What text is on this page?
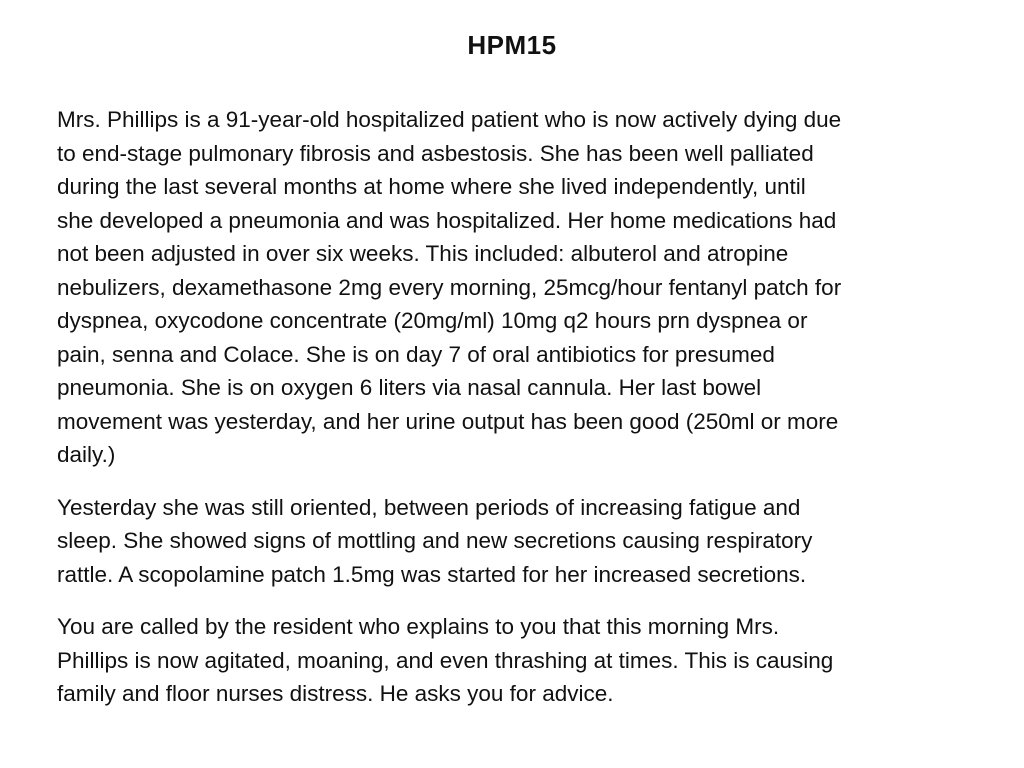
HPM15

Mrs. Phillips is a 91-year-old hospitalized patient who is now actively dying due
to end-stage pulmonary fibrosis and asbestosis. She has been well palliated
during the last several months at home where she lived independently, until
she developed a pneumonia and was hospitalized. Her home medications had
not been adjusted in over six weeks. This included: albuterol and atropine
nebulizers, dexamethasone 2mg every morning, 25mcg/hour fentanyl patch for
dyspnea, oxycodone concentrate (20mg/ml) 10mg q2 hours prn dyspnea or
pain, senna and Colace. She is on day 7 of oral antibiotics for presumed
pneumonia. She is on oxygen 6 liters via nasal cannula. Her last bowel
movement was yesterday, and her urine output has been good (250ml or more
daily.)

Yesterday she was still oriented, between periods of increasing fatigue and
sleep. She showed signs of mottling and new secretions causing respiratory
rattle. A scopolamine patch 1.5mg was started for her increased secretions.

You are called by the resident who explains to you that this morning Mrs.
Phillips is now agitated, moaning, and even thrashing at times. This is causing
family and floor nurses distress. He asks you for advice.
